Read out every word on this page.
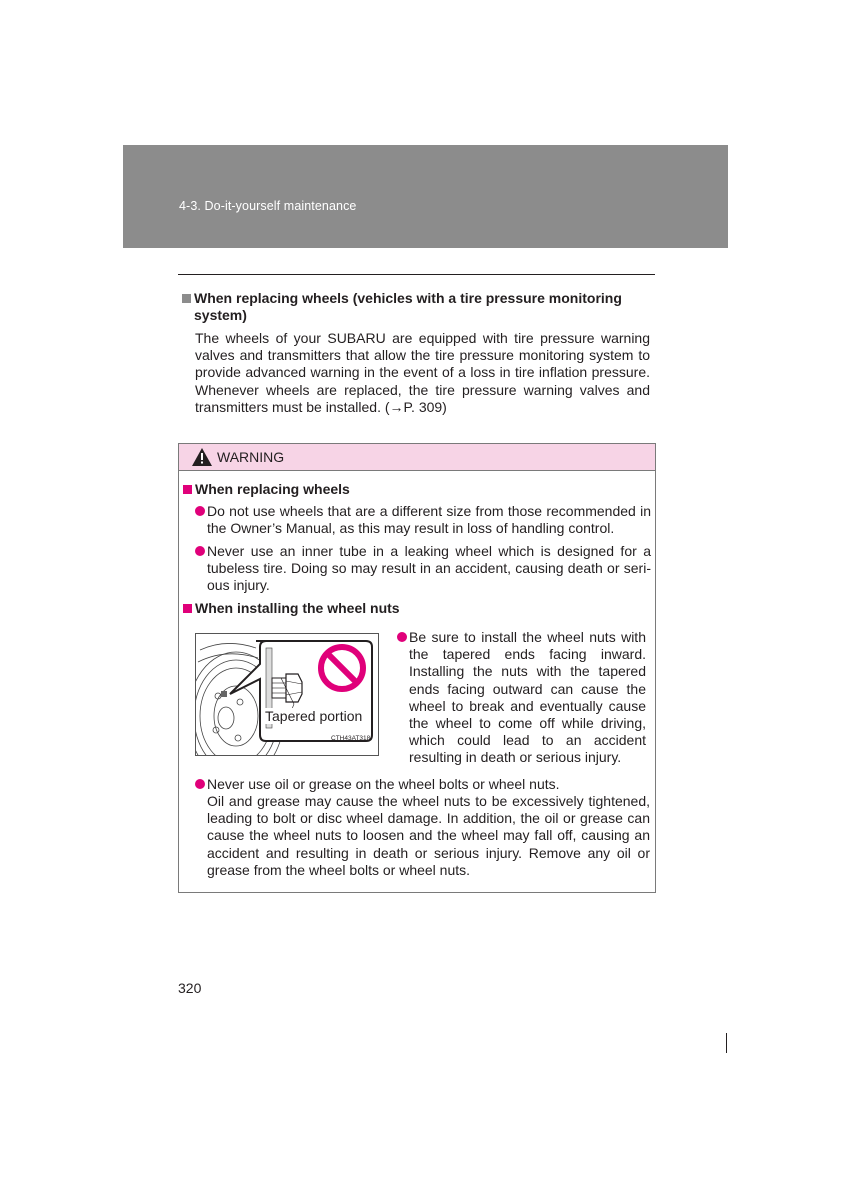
4-3. Do-it-yourself maintenance
When replacing wheels (vehicles with a tire pressure monitoring
system)
The wheels of your SUBARU are equipped with tire pressure warning valves and transmitters that allow the tire pressure monitoring system to provide advanced warning in the event of a loss in tire inflation pressure. Whenever wheels are replaced, the tire pressure warning valves and transmitters must be installed. (→P. 309)
WARNING
When replacing wheels
Do not use wheels that are a different size from those recommended in the Owner’s Manual, as this may result in loss of handling control.
Never use an inner tube in a leaking wheel which is designed for a tubeless tire. Doing so may result in an accident, causing death or serious injury.
When installing the wheel nuts
Tapered portion
CTH43AT318
Be sure to install the wheel nuts with the tapered ends facing inward. Installing the nuts with the tapered ends facing outward can cause the wheel to break and eventually cause the wheel to come off while driving, which could lead to an accident resulting in death or serious injury.
Never use oil or grease on the wheel bolts or wheel nuts.
Oil and grease may cause the wheel nuts to be excessively tightened, leading to bolt or disc wheel damage. In addition, the oil or grease can cause the wheel nuts to loosen and the wheel may fall off, causing an accident and resulting in death or serious injury. Remove any oil or grease from the wheel bolts or wheel nuts.
320
